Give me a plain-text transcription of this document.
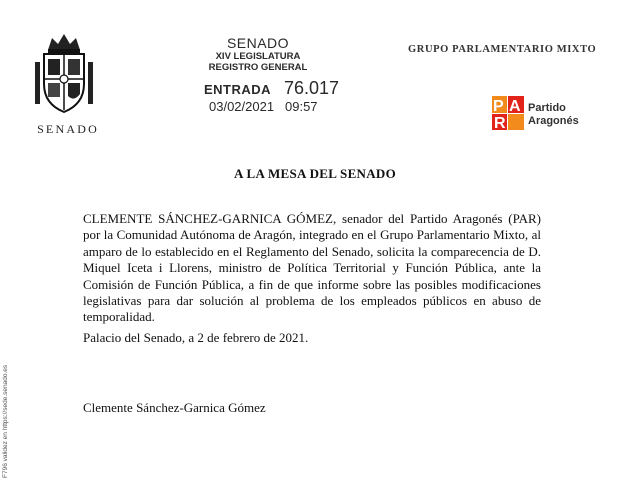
SENADO
SENADO
XIV LEGISLATURA
REGISTRO GENERAL
ENTRADA 76.017
03/02/2021 09:57
GRUPO PARLAMENTARIO MIXTO
P A
R
Partido
Aragonés
A LA MESA DEL SENADO
CLEMENTE SÁNCHEZ-GARNICA GÓMEZ, senador del Partido Aragonés (PAR) por la Comunidad Autónoma de Aragón, integrado en el Grupo Parlamentario Mixto, al amparo de lo establecido en el Reglamento del Senado, solicita la comparecencia de D. Miquel Iceta i Llorens, ministro de Política Territorial y Función Pública, ante la Comisión de Función Pública, a fin de que informe sobre las posibles modificaciones legislativas para dar solución al problema de los empleados públicos en abuso de temporalidad.
Palacio del Senado, a 2 de febrero de 2021.
Clemente Sánchez-Garnica Gómez
F796 validez en https://sede.senado.es
